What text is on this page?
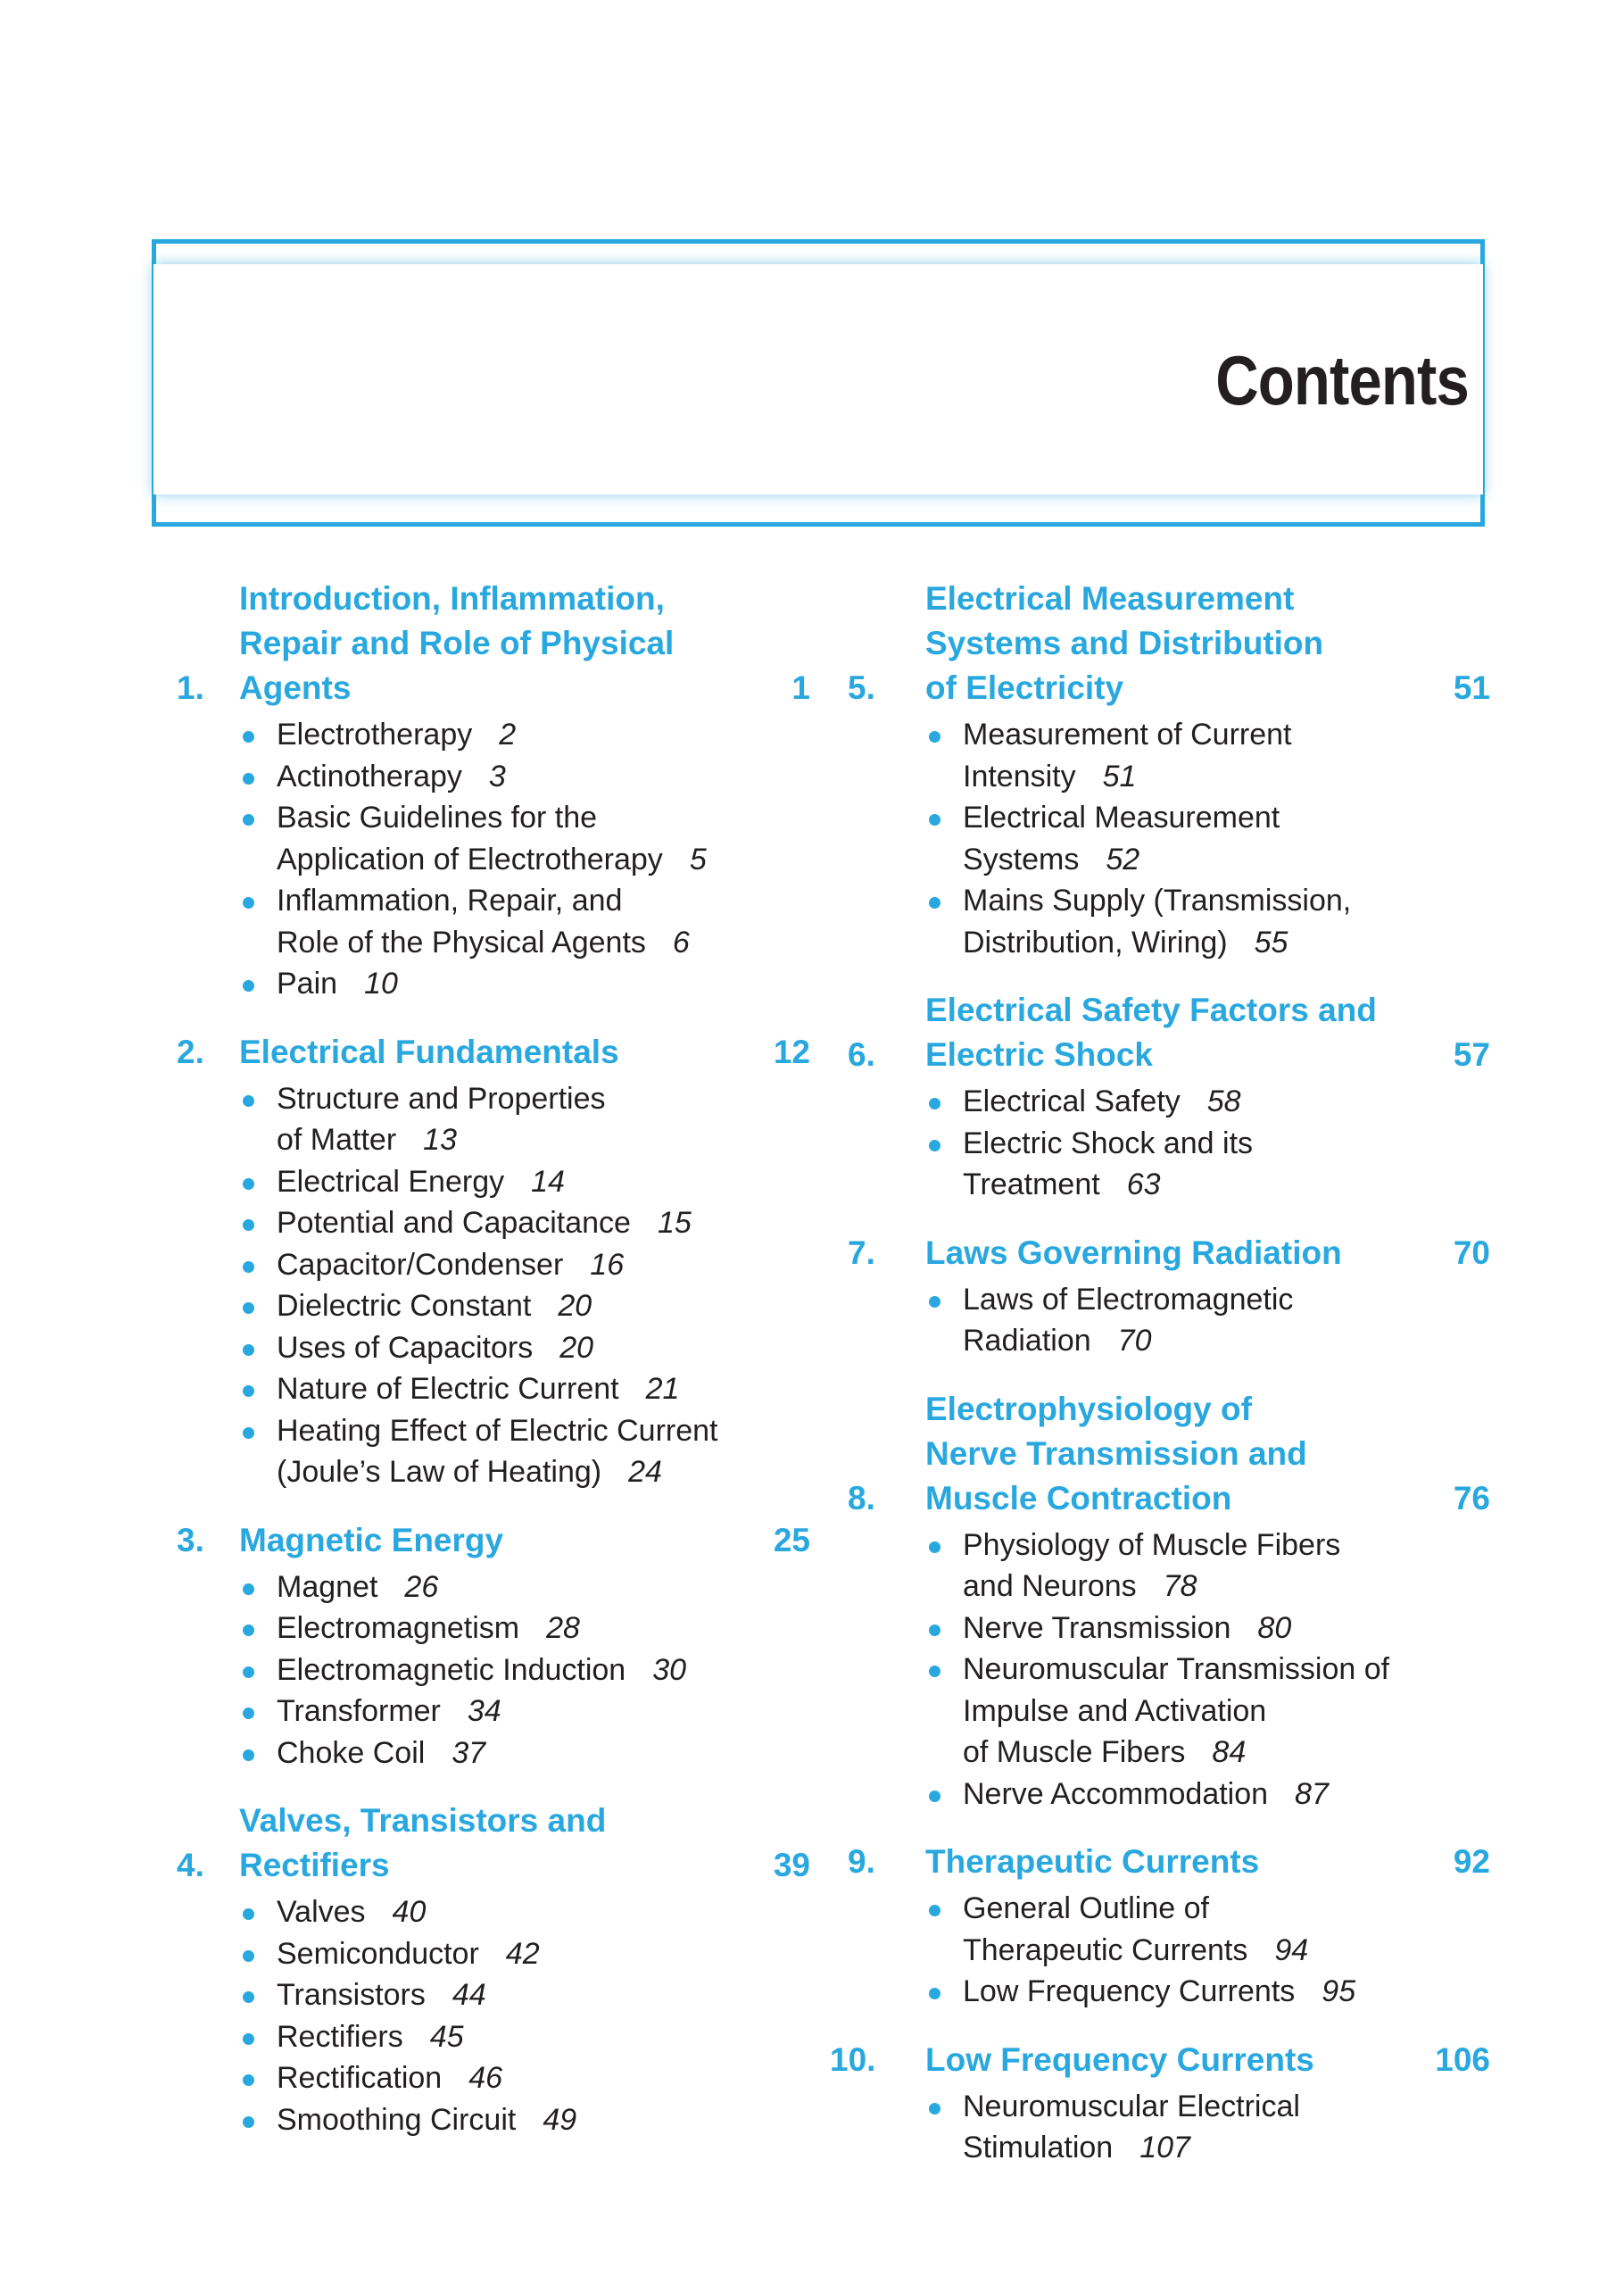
Contents
1.
Introduction, Inflammation,
Repair and Role of Physical
Agents	1
Electrotherapy 2
Actinotherapy 3
Basic Guidelines for the
Application of Electrotherapy 5
Inflammation, Repair, and
Role of the Physical Agents 6
Pain 10
2.	Electrical Fundamentals	12
Structure and Properties
of Matter 13
Electrical Energy 14
Potential and Capacitance 15
Capacitor/Condenser 16
Dielectric Constant 20
Uses of Capacitors 20
Nature of Electric Current 21
Heating Effect of Electric Current
(Joule’s Law of Heating) 24
3.	Magnetic Energy	25
Magnet 26
Electromagnetism 28
Electromagnetic Induction 30
Transformer 34
Choke Coil 37
4.
Valves, Transistors and
Rectifiers	39
Valves 40
Semiconductor 42
Transistors 44
Rectifiers 45
Rectification 46
Smoothing Circuit 49
5.
Electrical Measurement
Systems and Distribution
of Electricity	51
Measurement of Current
Intensity 51
Electrical Measurement
Systems 52
Mains Supply (Transmission,
Distribution, Wiring) 55
6.
Electrical Safety Factors and
Electric Shock	57
Electrical Safety 58
Electric Shock and its
Treatment 63
7.	Laws Governing Radiation	70
Laws of Electromagnetic
Radiation 70
8.
Electrophysiology of
Nerve Transmission and
Muscle Contraction	76
Physiology of Muscle Fibers
and Neurons 78
Nerve Transmission 80
Neuromuscular Transmission of
Impulse and Activation
of Muscle Fibers 84
Nerve Accommodation 87
9.	Therapeutic Currents	92
General Outline of
Therapeutic Currents 94
Low Frequency Currents 95
10.	Low Frequency Currents	106
Neuromuscular Electrical
Stimulation 107
